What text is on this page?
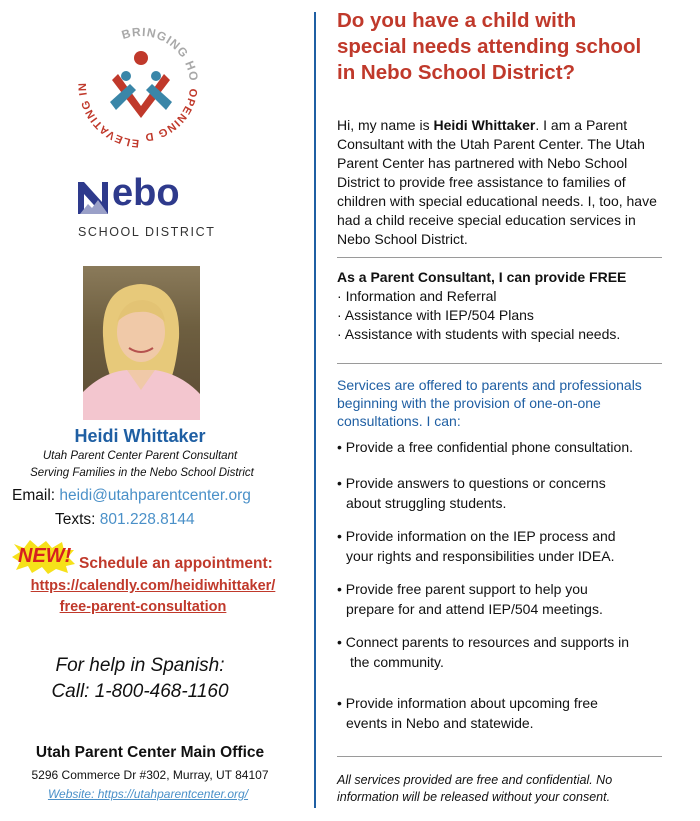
BRINGING HO
OPENING D
ELEVATING IN
ebo
SCHOOL DISTRICT
Heidi Whittaker
Utah Parent Center Parent Consultant
Serving Families in the Nebo School District
Email: heidi@utahparentcenter.org
Texts: 801.228.8144
NEW! Schedule an appointment:
https://calendly.com/heidiwhittaker/
free-parent-consultation
For help in Spanish:
Call: 1-800-468-1160
Utah Parent Center Main Office
5296 Commerce Dr #302, Murray, UT 84107
Website: https://utahparentcenter.org/
Do you have a child with
special needs attending school
in Nebo School District?
Hi, my name is Heidi Whittaker. I am a Parent Consultant with the Utah Parent Center. The Utah Parent Center has partnered with Nebo School District to provide free assistance to families of children with special educational needs. I, too, have had a child receive special education services in Nebo School District.
As a Parent Consultant, I can provide FREE
· Information and Referral
· Assistance with IEP/504 Plans
· Assistance with students with special needs.
Services are offered to parents and professionals
beginning with the provision of one-on-one
consultations. I can:
• Provide a free confidential phone consultation.
• Provide answers to questions or concerns
about struggling students.
• Provide information on the IEP process and
your rights and responsibilities under IDEA.
• Provide free parent support to help you
prepare for and attend IEP/504 meetings.
• Connect parents to resources and supports in
the community.
• Provide information about upcoming free
events in Nebo and statewide.
All services provided are free and confidential. No
information will be released without your consent.
